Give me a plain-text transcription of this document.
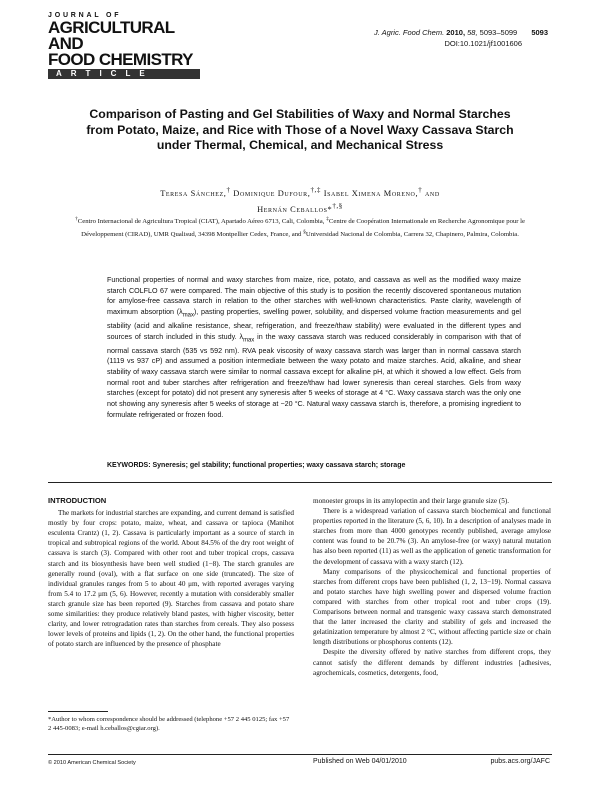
JOURNAL OF
AGRICULTURAL AND
FOOD CHEMISTRY
ARTICLE
J. Agric. Food Chem. 2010, 58, 5093–5099 5093
DOI:10.1021/jf1001606
Comparison of Pasting and Gel Stabilities of Waxy and Normal Starches from Potato, Maize, and Rice with Those of a Novel Waxy Cassava Starch under Thermal, Chemical, and Mechanical Stress
Teresa Sánchez,† Dominique Dufour,†,‡ Isabel Ximena Moreno,† and
Hernán Ceballos*†,§
†Centro Internacional de Agricultura Tropical (CIAT), Apartado Aéreo 6713, Cali, Colombia, ‡Centre de Coopération Internationale en Recherche Agronomique pour le Développement (CIRAD), UMR Qualisud, 34398 Montpellier Cedex, France, and §Universidad Nacional de Colombia, Carrera 32, Chapinero, Palmira, Colombia.
Functional properties of normal and waxy starches from maize, rice, potato, and cassava as well as the modified waxy maize starch COLFLO 67 were compared. The main objective of this study is to position the recently discovered spontaneous mutation for amylose-free cassava starch in relation to the other starches with well-known characteristics. Paste clarity, wavelength of maximum absorption $(\lambda_{max})$, pasting properties, swelling power, solubility, and dispersed volume fraction measurements and gel stability (acid and alkaline resistance, shear, refrigeration, and freeze/thaw stability) were evaluated in the different types and sources of starch included in this study. $\lambda_{max}$ in the waxy cassava starch was reduced considerably in comparison with that of normal cassava starch (535 vs 592 nm). RVA peak viscosity of waxy cassava starch was larger than in normal cassava starch (1119 vs 937 cP) and assumed a position intermediate between the waxy potato and maize starches. Acid, alkaline, and shear stability of waxy cassava starch were similar to normal cassava except for alkaline pH, at which it showed a low effect. Gels from normal root and tuber starches after refrigeration and freeze/thaw had lower syneresis than cereal starches. Gels from waxy starches (except for potato) did not present any syneresis after 5 weeks of storage at 4 °C. Waxy cassava starch was the only one not showing any syneresis after 5 weeks of storage at −20 °C. Natural waxy cassava starch is, therefore, a promising ingredient to formulate refrigerated or frozen food.
KEYWORDS: Syneresis; gel stability; functional properties; waxy cassava starch; storage
INTRODUCTION

The markets for industrial starches are expanding, and current demand is satisfied mostly by four crops: potato, maize, wheat, and cassava or tapioca (Manihot esculenta Crantz) (1, 2). Cassava is particularly important as a source of starch in tropical and subtropical regions of the world. About 84.5% of the dry root weight of cassava is starch (3). Compared with other root and tuber tropical crops, cassava starch and its biosynthesis have been well studied (1−8). The starch granules are generally round (oval), with a flat surface on one side (truncated). The size of individual granules ranges from 5 to about 40 μm, with reported averages varying from 5.4 to 17.2 μm (5, 6). However, recently a mutation with considerably smaller starch granule size has been reported (9). Starches from cassava and potato share some similarities: they produce relatively bland pastes, with higher viscosity, better clarity, and lower retrogradation rates than starches from cereals. They also possess lower levels of proteins and lipids (1, 2). On the other hand, the functional properties of potato starch are influenced by the presence of phosphate

*Author to whom correspondence should be addressed (telephone +57 2 445 0125; fax +57 2 445-0083; e-mail h.ceballos@cgiar.org).

monoester groups in its amylopectin and their large granule size (5).

There is a widespread variation of cassava starch biochemical and functional properties reported in the literature (5, 6, 10). In a description of analyses made in starches from more than 4000 genotypes recently published, average amylose content was found to be 20.7% (3). An amylose-free (or waxy) natural mutation has also been reported (11) as well as the application of genetic transformation for the development of cassava with a waxy starch (12).

Many comparisons of the physicochemical and functional properties of starches from different crops have been published (1, 2, 13−19). Normal cassava and potato starches have high swelling power and dispersed volume fraction compared with starches from other tropical root and tuber crops (19). Comparisons between normal and transgenic waxy cassava starch demonstrated that the latter increased the clarity and stability of gels and increased the gelatinization temperature by almost 2 °C, without affecting particle size or chain length distributions or phosphorus contents (12).

Despite the diversity offered by native starches from different crops, they cannot satisfy the different demands by different industries [adhesives, agrochemicals, cosmetics, detergents, food,

© 2010 American Chemical Society	Published on Web 04/01/2010	pubs.acs.org/JAFC
